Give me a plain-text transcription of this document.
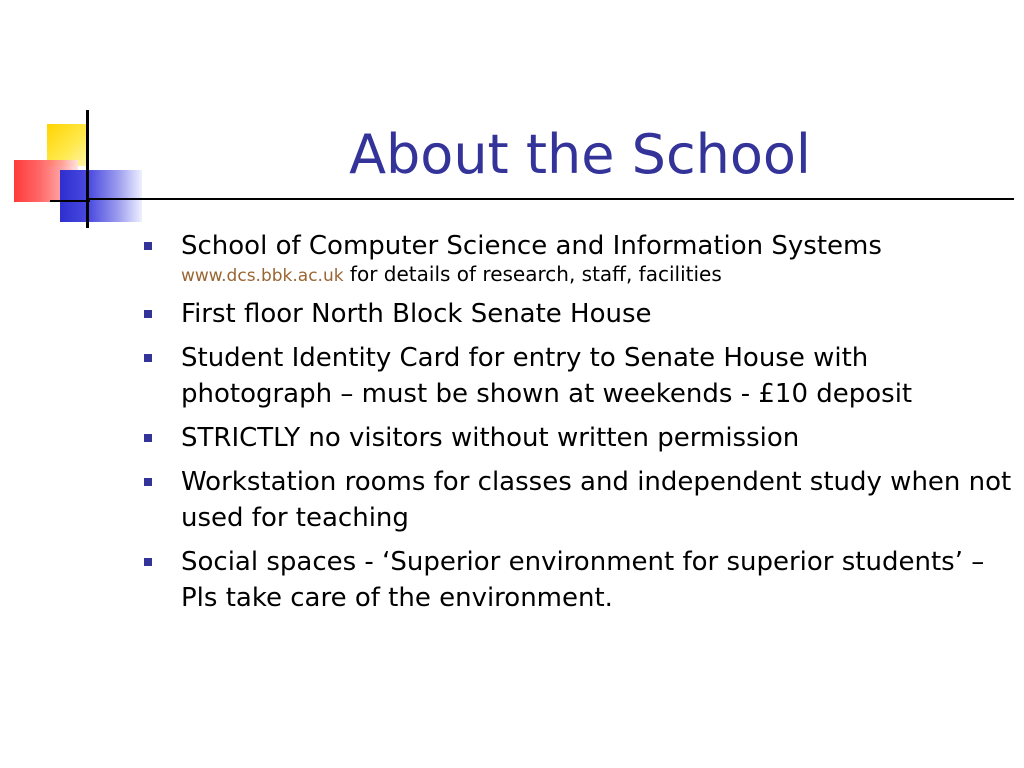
About the School
School of Computer Science and Information Systems
www.dcs.bbk.ac.uk for details of research, staff, facilities
First floor North Block Senate House
Student Identity Card for entry to Senate House with photograph – must be shown at weekends - £10 deposit
STRICTLY no visitors without written permission
Workstation rooms for classes and independent study when not used for teaching
Social spaces - ‘Superior environment for superior students’ – Pls take care of the environment.
